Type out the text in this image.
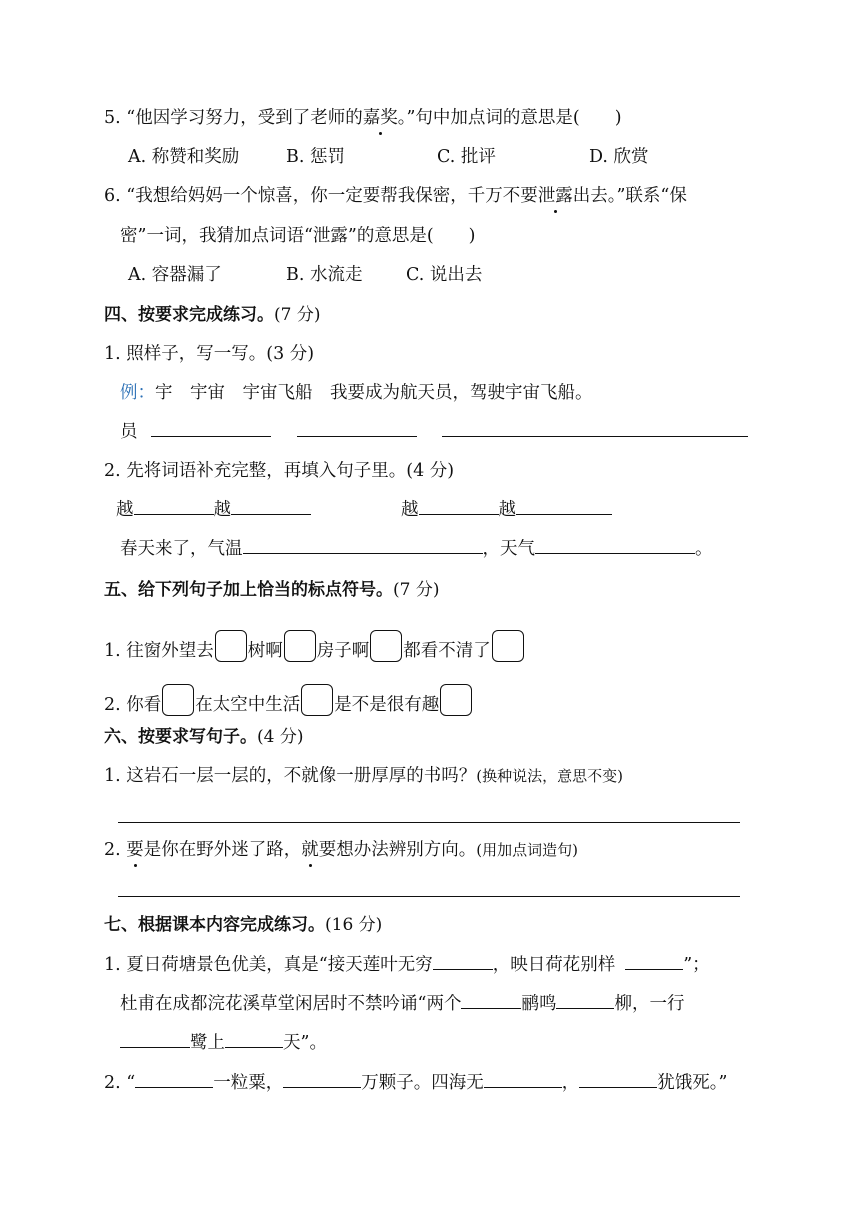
5. “他因学习努力，受到了老师的嘉奖。”句中加点词的意思是(　　)
A. 称赞和奖励	B. 惩罚	C. 批评	D. 欣赏
6. “我想给妈妈一个惊喜，你一定要帮我保密，千万不要泄露出去。”联系“保
密”一词，我猜加点词语“泄露”的意思是(　　)
A. 容器漏了	B. 水流走 C. 说出去
四、按要求完成练习。(7 分)
1. 照样子，写一写。(3 分)
例：宇　宇宙　宇宙飞船　我要成为航天员，驾驶宇宙飞船。
员
2. 先将词语补充完整，再填入句子里。(4 分)
越	越	越	越
春天来了，气温	，天气	。
五、给下列句子加上恰当的标点符号。(7 分)
1. 往窗外望去 树啊 房子啊 都看不清了
2. 你看 在太空中生活 是不是很有趣
六、按要求写句子。(4 分)
1. 这岩石一层一层的，不就像一册厚厚的书吗？(换种说法，意思不变)
2. 要是你在野外迷了路，就要想办法辨别方向。(用加点词造句)
七、根据课本内容完成练习。(16 分)
1. 夏日荷塘景色优美，真是“接天莲叶无穷	，映日荷花别样	”；
杜甫在成都浣花溪草堂闲居时不禁吟诵“两个	鹂鸣	柳，一行
鹭上	天”。
2. “	一粒粟，	万颗子。四海无	，	犹饿死。”
